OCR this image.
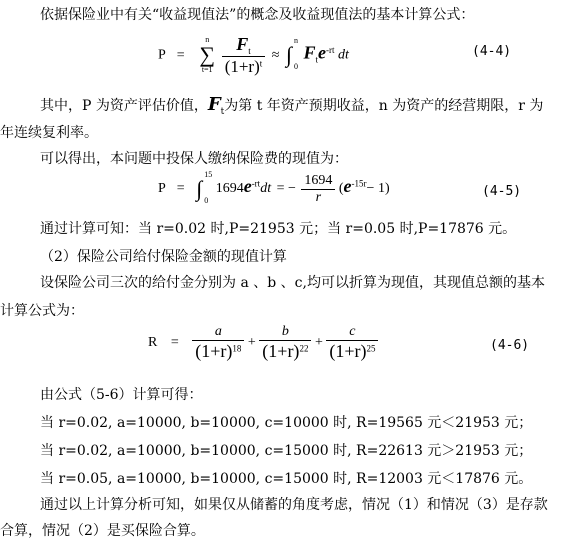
依据保险业中有关“收益现值法”的概念及收益现值法的基本计算公式：
P =
n
∑
t=1
$\frac{F_t}{(1+r)^t}$ ≈
n
∫ 0
$F_te^{-rt}$ dt	(4-4)
其中，P 为资产评估价值，$F_t$为第 t 年资产预期收益，n 为资产的经营期限，r 为
年连续复利率。
可以得出，本问题中投保人缴纳保险费的现值为：
P =
15
∫ 0
$1694e^{-rt}dt$ = − $\frac{1694}{r} (e^{-15r}- 1)$	(4-5)
通过计算可知：当 r=0.02 时,P=21953 元；当 r=0.05 时,P=17876 元。
（2）保险公司给付保险金额的现值计算
设保险公司三次的给付金分别为 a 、b 、c,均可以折算为现值，其现值总额的基本
计算公式为：
$R = \frac{a}{(1+r)^{18}} + \frac{b}{(1+r)^{22}} + \frac{c}{(1+r)^{25}}$	(4-6)
由公式（5-6）计算可得：
当 r=0.02, a=10000, b=10000, c=10000 时, R=19565 元＜21953 元；
当 r=0.02, a=10000, b=10000, c=15000 时, R=22613 元＞21953 元；
当 r=0.05, a=10000, b=10000, c=15000 时, R=12003 元＜17876 元。
通过以上计算分析可知，如果仅从储蓄的角度考虑，情况（1）和情况（3）是存款
合算，情况（2）是买保险合算。
